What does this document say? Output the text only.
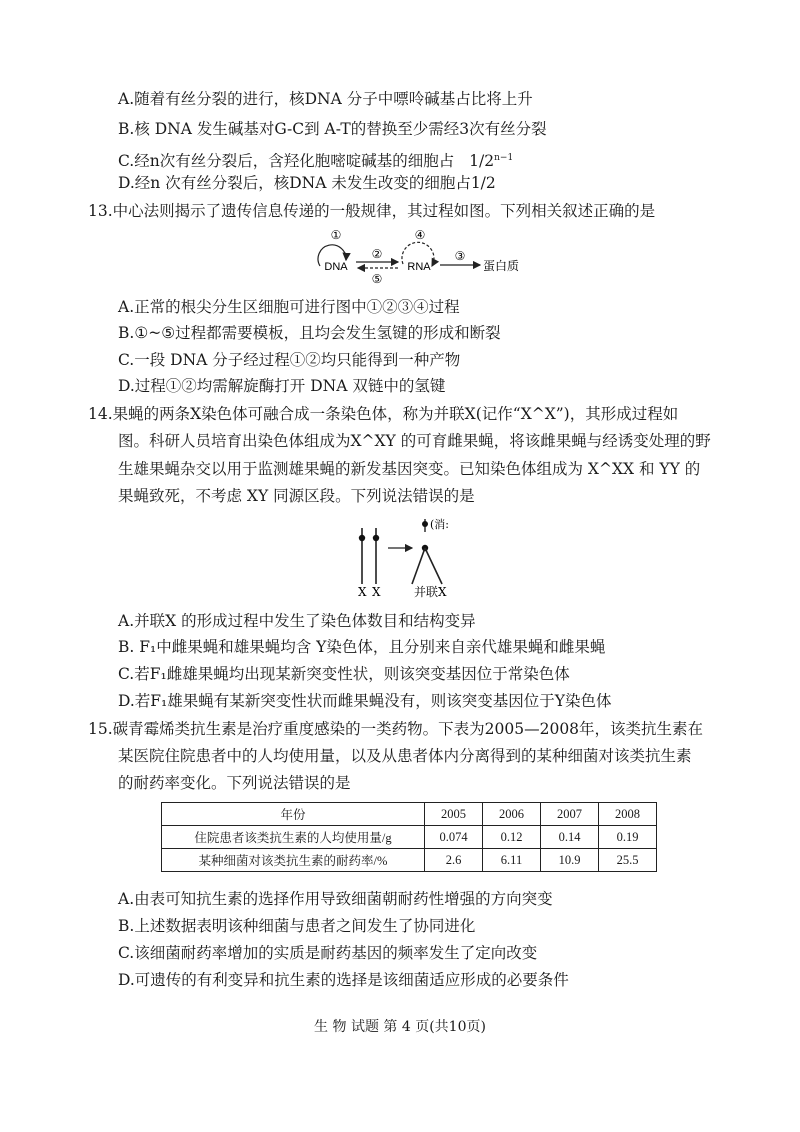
A.随着有丝分裂的进行，核DNA 分子中嘌呤碱基占比将上升
B.核 DNA 发生碱基对G-C到 A-T的替换至少需经3次有丝分裂
C.经n次有丝分裂后，含羟化胞嘧啶碱基的细胞占 $1/2^{n-1}$
D.经n 次有丝分裂后，核DNA 未发生改变的细胞占1/2
13.中心法则揭示了遗传信息传递的一般规律，其过程如图。下列相关叙述正确的是
①
DNA
②
⑤
④
RNA
③
蛋白质
A.正常的根尖分生区细胞可进行图中①②③④过程
B.①~⑤过程都需要模板，且均会发生氢键的形成和断裂
C.一段 DNA 分子经过程①②均只能得到一种产物
D.过程①②均需解旋酶打开 DNA 双链中的氢键
14.果蝇的两条X染色体可融合成一条染色体，称为并联X(记作“X^X”)，其形成过程如
图。科研人员培育出染色体组成为X^XY 的可育雌果蝇，将该雌果蝇与经诱变处理的野
生雄果蝇杂交以用于监测雄果蝇的新发基因突变。已知染色体组成为 X^XX 和 YY 的
果蝇致死，不考虑 XY 同源区段。下列说法错误的是
X X
(消:
并联X
A.并联X 的形成过程中发生了染色体数目和结构变异
B. F₁中雌果蝇和雄果蝇均含 Y染色体，且分别来自亲代雄果蝇和雌果蝇
C.若F₁雌雄果蝇均出现某新突变性状，则该突变基因位于常染色体
D.若F₁雄果蝇有某新突变性状而雌果蝇没有，则该突变基因位于Y染色体
15.碳青霉烯类抗生素是治疗重度感染的一类药物。下表为2005—2008年，该类抗生素在
某医院住院患者中的人均使用量，以及从患者体内分离得到的某种细菌对该类抗生素
的耐药率变化。下列说法错误的是
年份	2005	2006	2007	2008
住院患者该类抗生素的人均使用量/g	0.074	0.12	0.14	0.19
某种细菌对该类抗生素的耐药率/%	2.6	6.11	10.9	25.5
A.由表可知抗生素的选择作用导致细菌朝耐药性增强的方向突变
B.上述数据表明该种细菌与患者之间发生了协同进化
C.该细菌耐药率增加的实质是耐药基因的频率发生了定向改变
D.可遗传的有利变异和抗生素的选择是该细菌适应形成的必要条件
生 物 试题 第 4 页(共10页)
